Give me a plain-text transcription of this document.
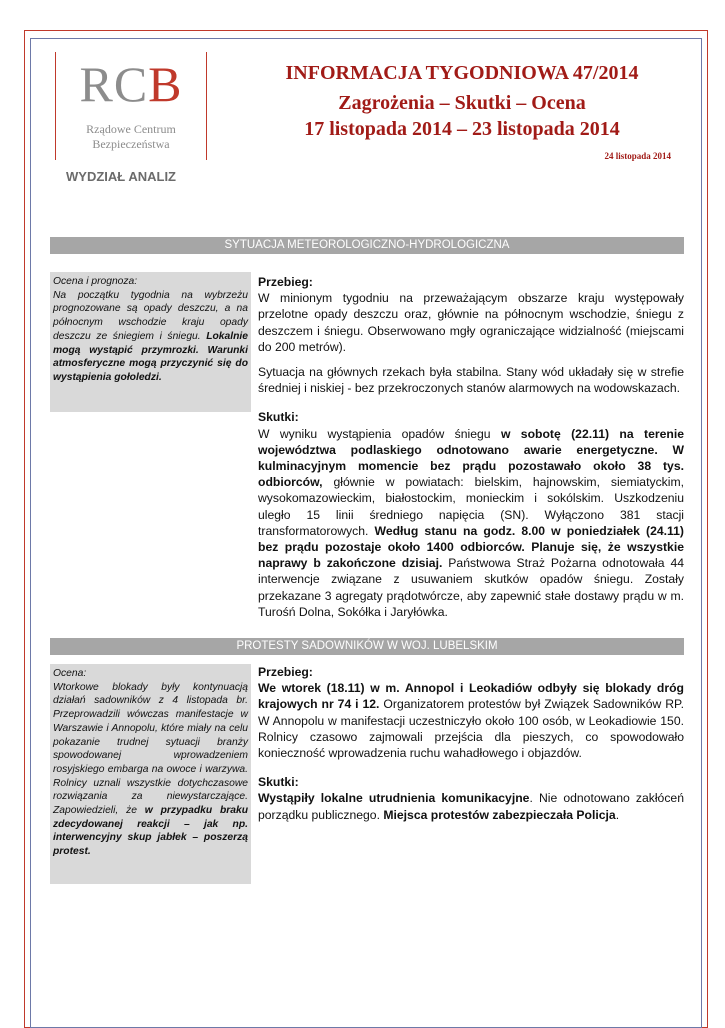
RCB
Rządowe Centrum
Bezpieczeństwa
WYDZIAŁ ANALIZ
INFORMACJA TYGODNIOWA 47/2014
Zagrożenia – Skutki – Ocena
17 listopada 2014 – 23 listopada 2014
24 listopada 2014
SYTUACJA METEOROLOGICZNO-HYDROLOGICZNA
Ocena i prognoza:
Na początku tygodnia na wybrzeżu prognozowane są opady deszczu, a na północnym wschodzie kraju opady deszczu ze śniegiem i śniegu. Lokalnie mogą wystąpić przymrozki. Warunki atmosferyczne mogą przyczynić się do wystąpienia gołoledzi.

Przebieg:

W minionym tygodniu na przeważającym obszarze kraju występowały przelotne opady deszczu oraz, głównie na północnym wschodzie, śniegu z deszczem i śniegu. Obserwowano mgły ograniczające widzialność (miejscami do 200 metrów).

Sytuacja na głównych rzekach była stabilna. Stany wód układały się w strefie średniej i niskiej - bez przekroczonych stanów alarmowych na wodowskazach.

Skutki:

W wyniku wystąpienia opadów śniegu w sobotę (22.11) na terenie województwa podlaskiego odnotowano awarie energetyczne. W kulminacyjnym momencie bez prądu pozostawało około 38 tys. odbiorców, głównie w powiatach: bielskim, hajnowskim, siemiatyckim, wysokomazowieckim, białostockim, monieckim i sokólskim. Uszkodzeniu uległo 15 linii średniego napięcia (SN). Wyłączono 381 stacji transformatorowych. Według stanu na godz. 8.00 w poniedziałek (24.11) bez prądu pozostaje około 1400 odbiorców. Planuje się, że wszystkie naprawy b zakończone dzisiaj. Państwowa Straż Pożarna odnotowała 44 interwencje związane z usuwaniem skutków opadów śniegu. Zostały przekazane 3 agregaty prądotwórcze, aby zapewnić stałe dostawy prądu w m. Turośń Dolna, Sokółka i Jaryłówka.

PROTESTY SADOWNIKÓW W WOJ. LUBELSKIM
Ocena:
Wtorkowe blokady były kontynuacją działań sadowników z 4 listopada br. Przeprowadzili wówczas manifestacje w Warszawie i Annopolu, które miały na celu pokazanie trudnej sytuacji branży spowodowanej wprowadzeniem rosyjskiego embarga na owoce i warzywa. Rolnicy uznali wszystkie dotychczasowe rozwiązania za niewystarczające. Zapowiedzieli, że w przypadku braku zdecydowanej reakcji – jak np. interwencyjny skup jabłek – poszerzą protest.

Przebieg:

We wtorek (18.11) w m. Annopol i Leokadiów odbyły się blokady dróg krajowych nr 74 i 12. Organizatorem protestów był Związek Sadowników RP. W Annopolu w manifestacji uczestniczyło około 100 osób, w Leokadiowie 150. Rolnicy czasowo zajmowali przejścia dla pieszych, co spowodowało konieczność wprowadzenia ruchu wahadłowego i objazdów.

Skutki:

Wystąpiły lokalne utrudnienia komunikacyjne. Nie odnotowano zakłóceń porządku publicznego. Miejsca protestów zabezpieczała Policja.
